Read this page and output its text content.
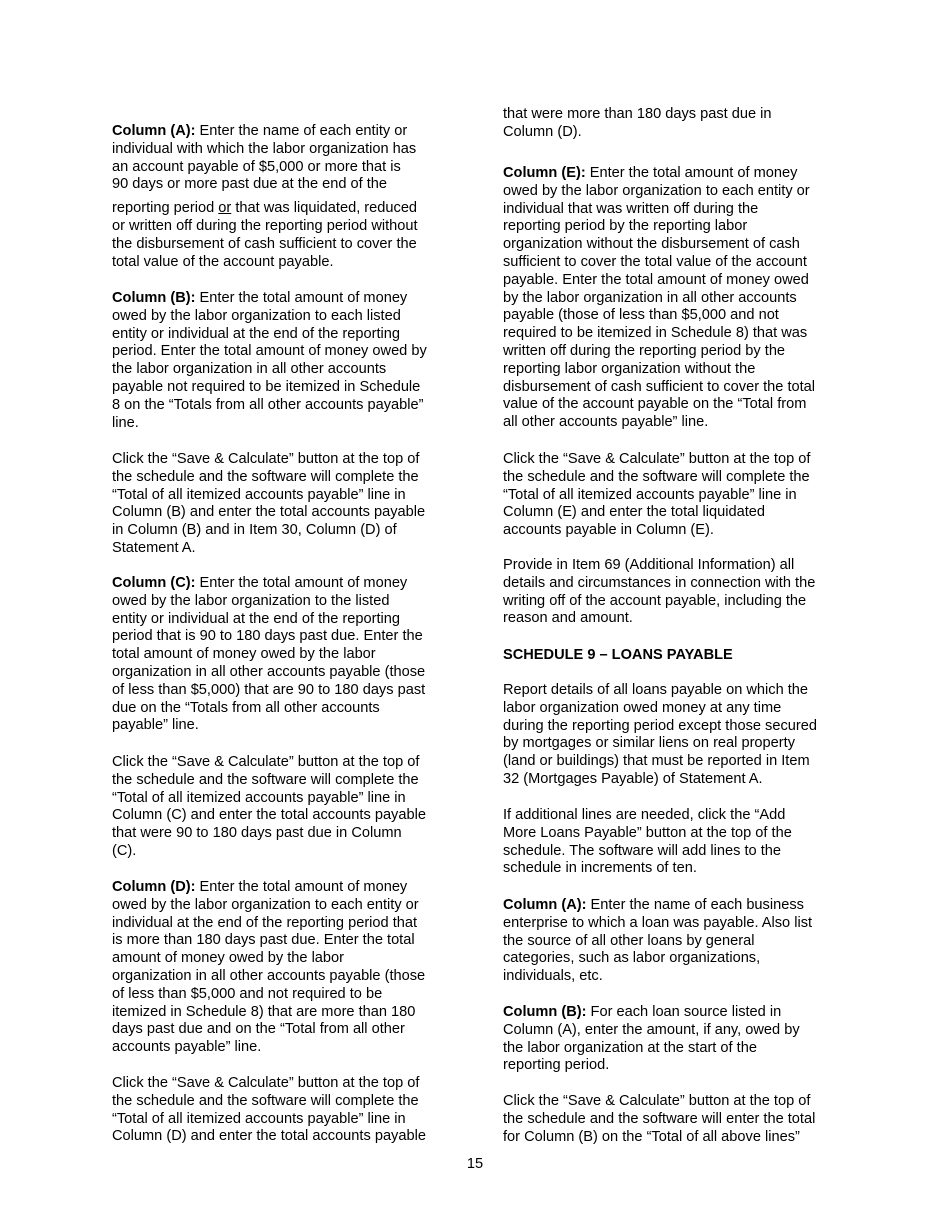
Column (A): Enter the name of each entity or
individual with which the labor organization has
an account payable of $5,000 or more that is
90 days or more past due at the end of the
reporting period or that was liquidated, reduced
or written off during the reporting period without
the disbursement of cash sufficient to cover the
total value of the account payable.

Column (B): Enter the total amount of money
owed by the labor organization to each listed
entity or individual at the end of the reporting
period. Enter the total amount of money owed by
the labor organization in all other accounts
payable not required to be itemized in Schedule
8 on the “Totals from all other accounts payable”
line.

Click the “Save & Calculate” button at the top of
the schedule and the software will complete the
“Total of all itemized accounts payable” line in
Column (B) and enter the total accounts payable
in Column (B) and in Item 30, Column (D) of
Statement A.

Column (C): Enter the total amount of money
owed by the labor organization to the listed
entity or individual at the end of the reporting
period that is 90 to 180 days past due. Enter the
total amount of money owed by the labor
organization in all other accounts payable (those
of less than $5,000) that are 90 to 180 days past
due on the “Totals from all other accounts
payable” line.

Click the “Save & Calculate” button at the top of
the schedule and the software will complete the
“Total of all itemized accounts payable” line in
Column (C) and enter the total accounts payable
that were 90 to 180 days past due in Column
(C).

Column (D): Enter the total amount of money
owed by the labor organization to each entity or
individual at the end of the reporting period that
is more than 180 days past due. Enter the total
amount of money owed by the labor
organization in all other accounts payable (those
of less than $5,000 and not required to be
itemized in Schedule 8) that are more than 180
days past due and on the “Total from all other
accounts payable” line.

Click the “Save & Calculate” button at the top of
the schedule and the software will complete the
“Total of all itemized accounts payable” line in
Column (D) and enter the total accounts payable

that were more than 180 days past due in
Column (D).

Column (E): Enter the total amount of money
owed by the labor organization to each entity or
individual that was written off during the
reporting period by the reporting labor
organization without the disbursement of cash
sufficient to cover the total value of the account
payable. Enter the total amount of money owed
by the labor organization in all other accounts
payable (those of less than $5,000 and not
required to be itemized in Schedule 8) that was
written off during the reporting period by the
reporting labor organization without the
disbursement of cash sufficient to cover the total
value of the account payable on the “Total from
all other accounts payable” line.

Click the “Save & Calculate” button at the top of
the schedule and the software will complete the
“Total of all itemized accounts payable” line in
Column (E) and enter the total liquidated
accounts payable in Column (E).

Provide in Item 69 (Additional Information) all
details and circumstances in connection with the
writing off of the account payable, including the
reason and amount.

SCHEDULE 9 – LOANS PAYABLE

Report details of all loans payable on which the
labor organization owed money at any time
during the reporting period except those secured
by mortgages or similar liens on real property
(land or buildings) that must be reported in Item
32 (Mortgages Payable) of Statement A.

If additional lines are needed, click the “Add
More Loans Payable” button at the top of the
schedule. The software will add lines to the
schedule in increments of ten.

Column (A): Enter the name of each business
enterprise to which a loan was payable. Also list
the source of all other loans by general
categories, such as labor organizations,
individuals, etc.

Column (B): For each loan source listed in
Column (A), enter the amount, if any, owed by
the labor organization at the start of the
reporting period.

Click the “Save & Calculate” button at the top of
the schedule and the software will enter the total
for Column (B) on the “Total of all above lines”

15
